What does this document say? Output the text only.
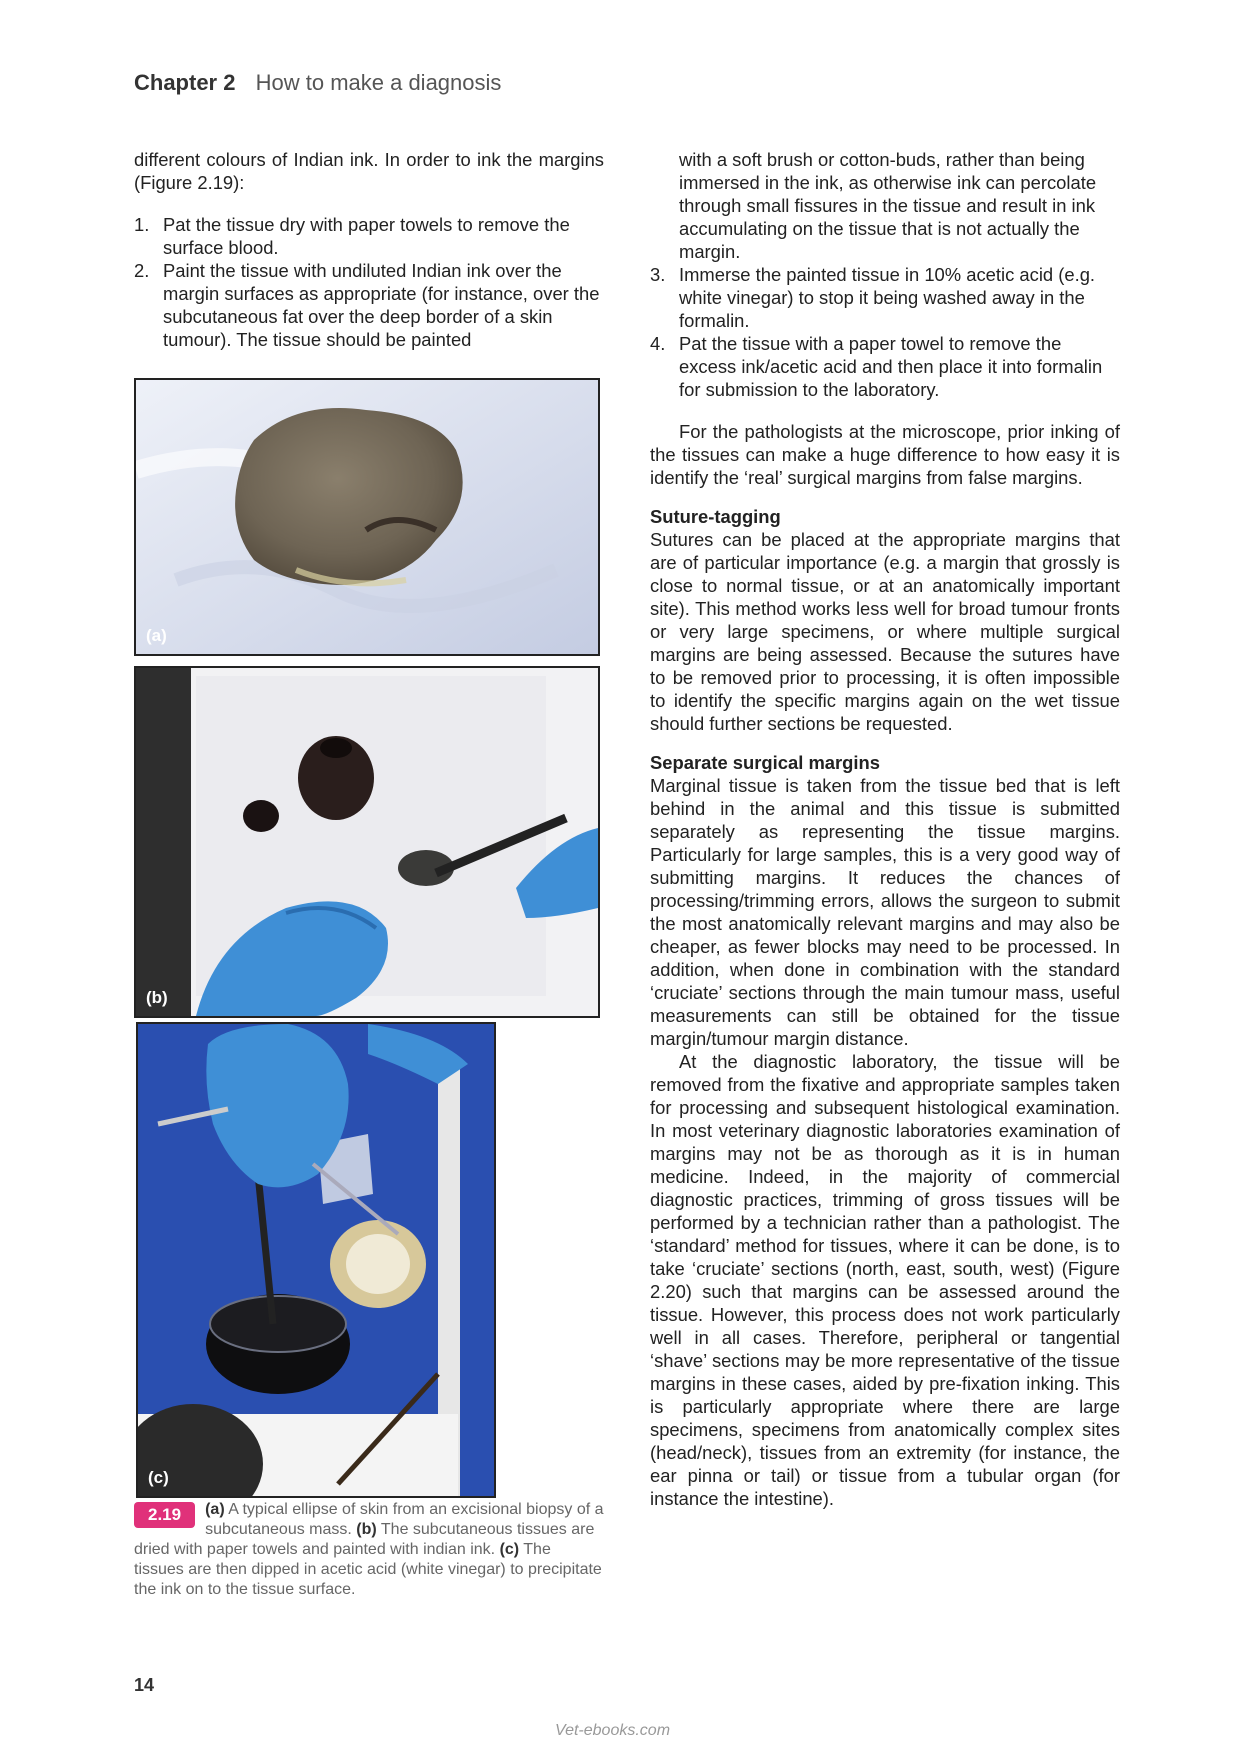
Chapter 2 How to make a diagnosis

different colours of Indian ink. In order to ink the margins (Figure 2.19):

1. Pat the tissue dry with paper towels to remove the surface blood.
2. Paint the tissue with undiluted Indian ink over the margin surfaces as appropriate (for instance, over the subcutaneous fat over the deep border of a skin tumour). The tissue should be painted
(a)
(b)
(c)
2.19	(a) A typical ellipse of skin from an excisional biopsy of a subcutaneous mass. (b) The subcutaneous tissues are dried with paper towels and painted with indian ink. (c) The tissues are then dipped in acetic acid (white vinegar) to precipitate the ink on to the tissue surface.

with a soft brush or cotton-buds, rather than being immersed in the ink, as otherwise ink can percolate through small fissures in the tissue and result in ink accumulating on the tissue that is not actually the margin.

3. Immerse the painted tissue in 10% acetic acid (e.g. white vinegar) to stop it being washed away in the formalin.
4. Pat the tissue with a paper towel to remove the excess ink/acetic acid and then place it into formalin for submission to the laboratory.

For the pathologists at the microscope, prior inking of the tissues can make a huge difference to how easy it is identify the ‘real’ surgical margins from false margins.

Suture-tagging

Sutures can be placed at the appropriate margins that are of particular importance (e.g. a margin that grossly is close to normal tissue, or at an anatomically important site). This method works less well for broad tumour fronts or very large specimens, or where multiple surgical margins are being assessed. Because the sutures have to be removed prior to processing, it is often impossible to identify the specific margins again on the wet tissue should further sections be requested.

Separate surgical margins

Marginal tissue is taken from the tissue bed that is left behind in the animal and this tissue is submitted separately as representing the tissue margins. Particularly for large samples, this is a very good way of submitting margins. It reduces the chances of processing/trimming errors, allows the surgeon to submit the most anatomically relevant margins and may also be cheaper, as fewer blocks may need to be processed. In addition, when done in combination with the standard ‘cruciate’ sections through the main tumour mass, useful measurements can still be obtained for the tissue margin/tumour margin distance.

At the diagnostic laboratory, the tissue will be removed from the fixative and appropriate samples taken for processing and subsequent histological examination. In most veterinary diagnostic laboratories examination of margins may not be as thorough as it is in human medicine. Indeed, in the majority of commercial diagnostic practices, trimming of gross tissues will be performed by a technician rather than a pathologist. The ‘standard’ method for tissues, where it can be done, is to take ‘cruciate’ sections (north, east, south, west) (Figure 2.20) such that margins can be assessed around the tissue. However, this process does not work particularly well in all cases. Therefore, peripheral or tangential ‘shave’ sections may be more representative of the tissue margins in these cases, aided by pre-fixation inking. This is particularly appropriate where there are large specimens, specimens from anatomically complex sites (head/neck), tissues from an extremity (for instance, the ear pinna or tail) or tissue from a tubular organ (for instance the intestine).

14
Vet-ebooks.com
